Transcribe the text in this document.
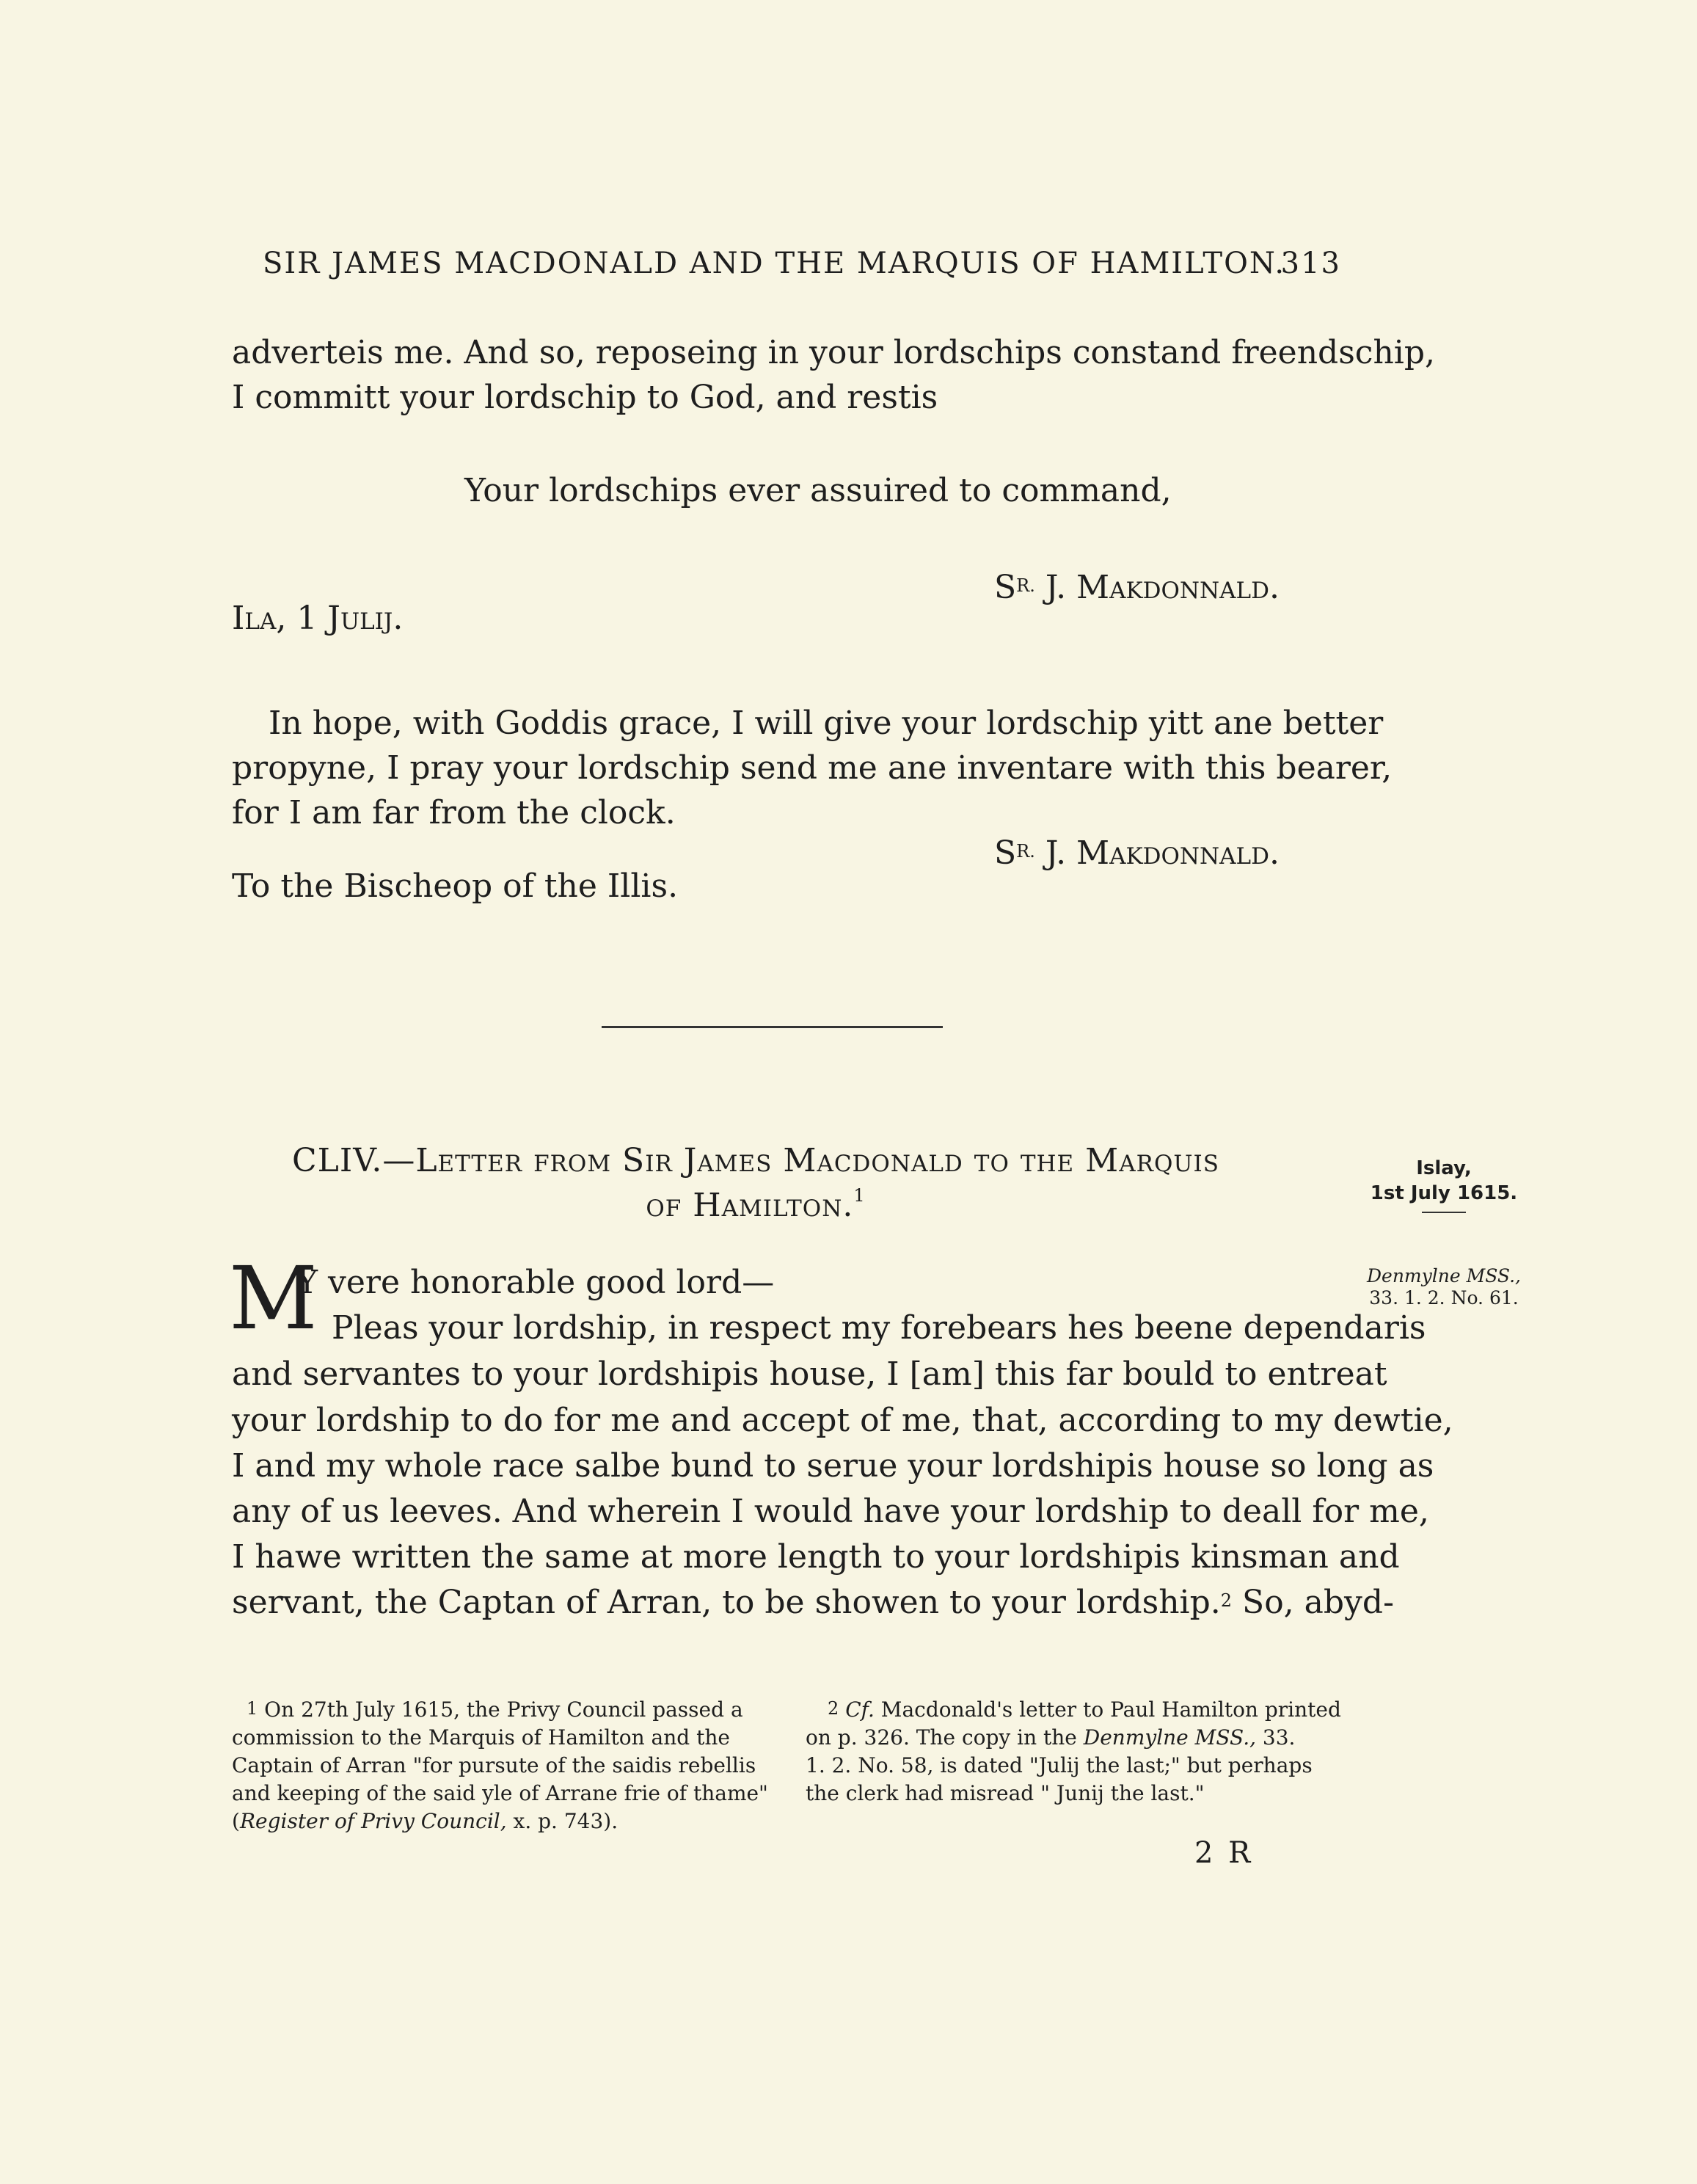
SIR JAMES MACDONALD AND THE MARQUIS OF HAMILTON.
313

adverteis me. And so, reposeing in your lordschips constand freendschip,

I committ your lordschip to God, and restis

Your lordschips ever assuired to command,

$S^{R.}$ J. Makdonnald.

Ila, 1 Julij.

In hope, with Goddis grace, I will give your lordschip yitt ane better

propyne, I pray your lordschip send me ane inventare with this bearer,

for I am far from the clock.

$S^{R.}$ J. Makdonnald.

To the Bischeop of the Illis.

CLIV.—Letter from Sir James Macdonald to the Marquis

of Hamilton.$^1$

Islay,
1st July 1615.
Denmylne MSS.,
33. 1. 2. No. 61.
M

Y vere honorable good lord—

Pleas your lordship, in respect my forebears hes beene dependaris

and servantes to your lordshipis house, I [am] this far bould to entreat

your lordship to do for me and accept of me, that, according to my dewtie,

I and my whole race salbe bund to serue your lordshipis house so long as

any of us leeves. And wherein I would have your lordship to deall for me,

I hawe written the same at more length to your lordshipis kinsman and

servant, the Captan of Arran, to be showen to your lordship.$^2$ So, abyd-

1 On 27th July 1615, the Privy Council passed a
commission to the Marquis of Hamilton and the
Captain of Arran "for pursute of the saidis rebellis
and keeping of the said yle of Arrane frie of thame"
(Register of Privy Council, x. p. 743).
2 Cf. Macdonald's letter to Paul Hamilton printed
on p. 326. The copy in the Denmylne MSS., 33.
1. 2. No. 58, is dated "Julij the last;" but perhaps
the clerk had misread " Junij the last."

2 R
